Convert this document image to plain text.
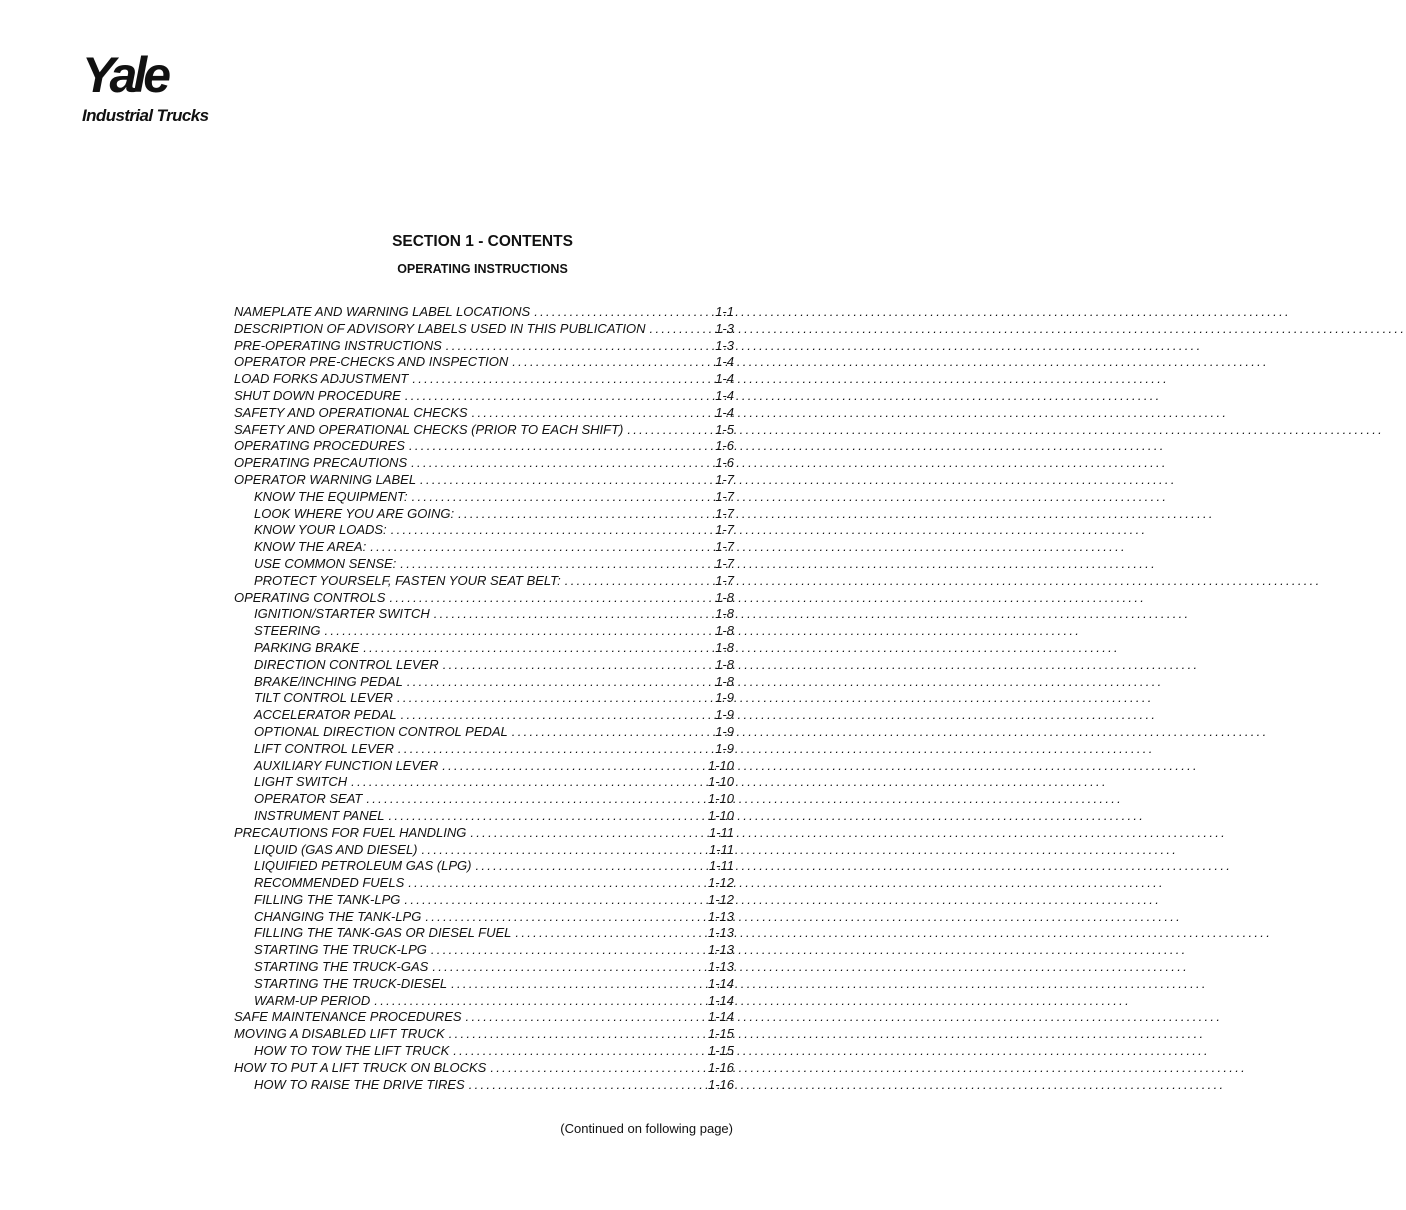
Yale
Industrial Trucks
SECTION 1 - CONTENTS
OPERATING INSTRUCTIONS
NAMEPLATE AND WARNING LABEL LOCATIONS .....	1-1
DESCRIPTION OF ADVISORY LABELS USED IN THIS PUBLICATION .....	1-3
PRE-OPERATING INSTRUCTIONS .....	1-3
OPERATOR PRE-CHECKS AND INSPECTION .....	1-4
LOAD FORKS ADJUSTMENT .....	1-4
SHUT DOWN PROCEDURE .....	1-4
SAFETY AND OPERATIONAL CHECKS .....	1-4
SAFETY AND OPERATIONAL CHECKS (PRIOR TO EACH SHIFT) .....	1-5
OPERATING PROCEDURES .....	1-6
OPERATING PRECAUTIONS .....	1-6
OPERATOR WARNING LABEL .....	1-7
KNOW THE EQUIPMENT: .....	1-7
LOOK WHERE YOU ARE GOING: .....	1-7
KNOW YOUR LOADS: .....	1-7
KNOW THE AREA: .....	1-7
USE COMMON SENSE: .....	1-7
PROTECT YOURSELF, FASTEN YOUR SEAT BELT: .....	1-7
OPERATING CONTROLS .....	1-8
IGNITION/STARTER SWITCH .....	1-8
STEERING .....	1-8
PARKING BRAKE .....	1-8
DIRECTION CONTROL LEVER .....	1-8
BRAKE/INCHING PEDAL .....	1-8
TILT CONTROL LEVER .....	1-9
ACCELERATOR PEDAL .....	1-9
OPTIONAL DIRECTION CONTROL PEDAL .....	1-9
LIFT CONTROL LEVER .....	1-9
AUXILIARY FUNCTION LEVER .....	1-10
LIGHT SWITCH .....	1-10
OPERATOR SEAT .....	1-10
INSTRUMENT PANEL .....	1-10
PRECAUTIONS FOR FUEL HANDLING .....	1-11
LIQUID (GAS AND DIESEL) .....	1-11
LIQUIFIED PETROLEUM GAS (LPG) .....	1-11
RECOMMENDED FUELS .....	1-12
FILLING THE TANK-LPG .....	1-12
CHANGING THE TANK-LPG .....	1-13
FILLING THE TANK-GAS OR DIESEL FUEL .....	1-13
STARTING THE TRUCK-LPG .....	1-13
STARTING THE TRUCK-GAS .....	1-13
STARTING THE TRUCK-DIESEL .....	1-14
WARM-UP PERIOD .....	1-14
SAFE MAINTENANCE PROCEDURES .....	1-14
MOVING A DISABLED LIFT TRUCK .....	1-15
HOW TO TOW THE LIFT TRUCK .....	1-15
HOW TO PUT A LIFT TRUCK ON BLOCKS .....	1-16
HOW TO RAISE THE DRIVE TIRES .....	1-16
(Continued on following page)
